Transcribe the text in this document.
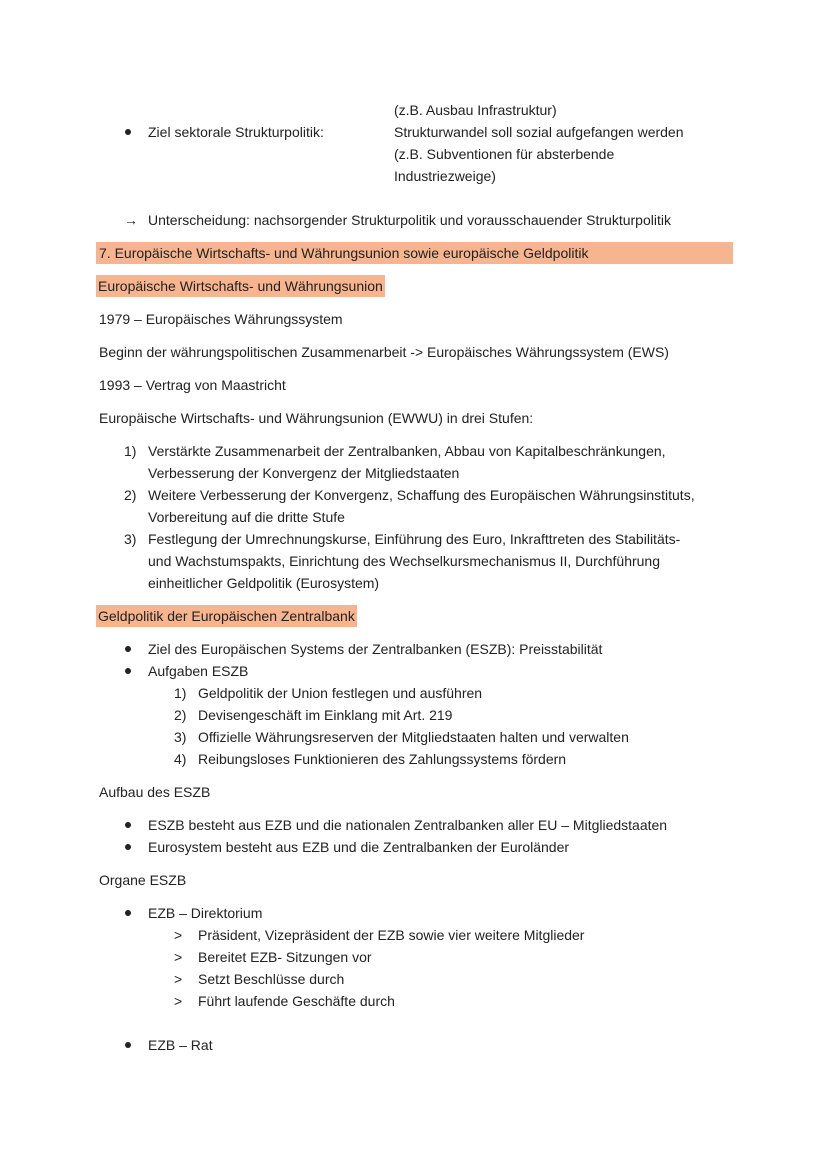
Ziel sektorale Strukturpolitik:
(z.B. Ausbau Infrastruktur)
Strukturwandel soll sozial aufgefangen werden
(z.B. Subventionen für absterbende
Industriezweige)
→ Unterscheidung: nachsorgender Strukturpolitik und vorausschauender Strukturpolitik
7. Europäische Wirtschafts- und Währungsunion sowie europäische Geldpolitik
Europäische Wirtschafts- und Währungsunion
1979 – Europäisches Währungssystem
Beginn der währungspolitischen Zusammenarbeit -> Europäisches Währungssystem (EWS)
1993 – Vertrag von Maastricht
Europäische Wirtschafts- und Währungsunion (EWWU) in drei Stufen:
1) Verstärkte Zusammenarbeit der Zentralbanken, Abbau von Kapitalbeschränkungen,
Verbesserung der Konvergenz der Mitgliedstaaten
2) Weitere Verbesserung der Konvergenz, Schaffung des Europäischen Währungsinstituts,
Vorbereitung auf die dritte Stufe
3) Festlegung der Umrechnungskurse, Einführung des Euro, Inkrafttreten des Stabilitäts-
und Wachstumspakts, Einrichtung des Wechselkursmechanismus II, Durchführung
einheitlicher Geldpolitik (Eurosystem)
Geldpolitik der Europäischen Zentralbank
Ziel des Europäischen Systems der Zentralbanken (ESZB): Preisstabilität
Aufgaben ESZB
1) Geldpolitik der Union festlegen und ausführen
2) Devisengeschäft im Einklang mit Art. 219
3) Offizielle Währungsreserven der Mitgliedstaaten halten und verwalten
4) Reibungsloses Funktionieren des Zahlungssystems fördern
Aufbau des ESZB
ESZB besteht aus EZB und die nationalen Zentralbanken aller EU – Mitgliedstaaten
Eurosystem besteht aus EZB und die Zentralbanken der Euroländer
Organe ESZB
EZB – Direktorium
> Präsident, Vizepräsident der EZB sowie vier weitere Mitglieder
> Bereitet EZB- Sitzungen vor
> Setzt Beschlüsse durch
> Führt laufende Geschäfte durch
EZB – Rat
